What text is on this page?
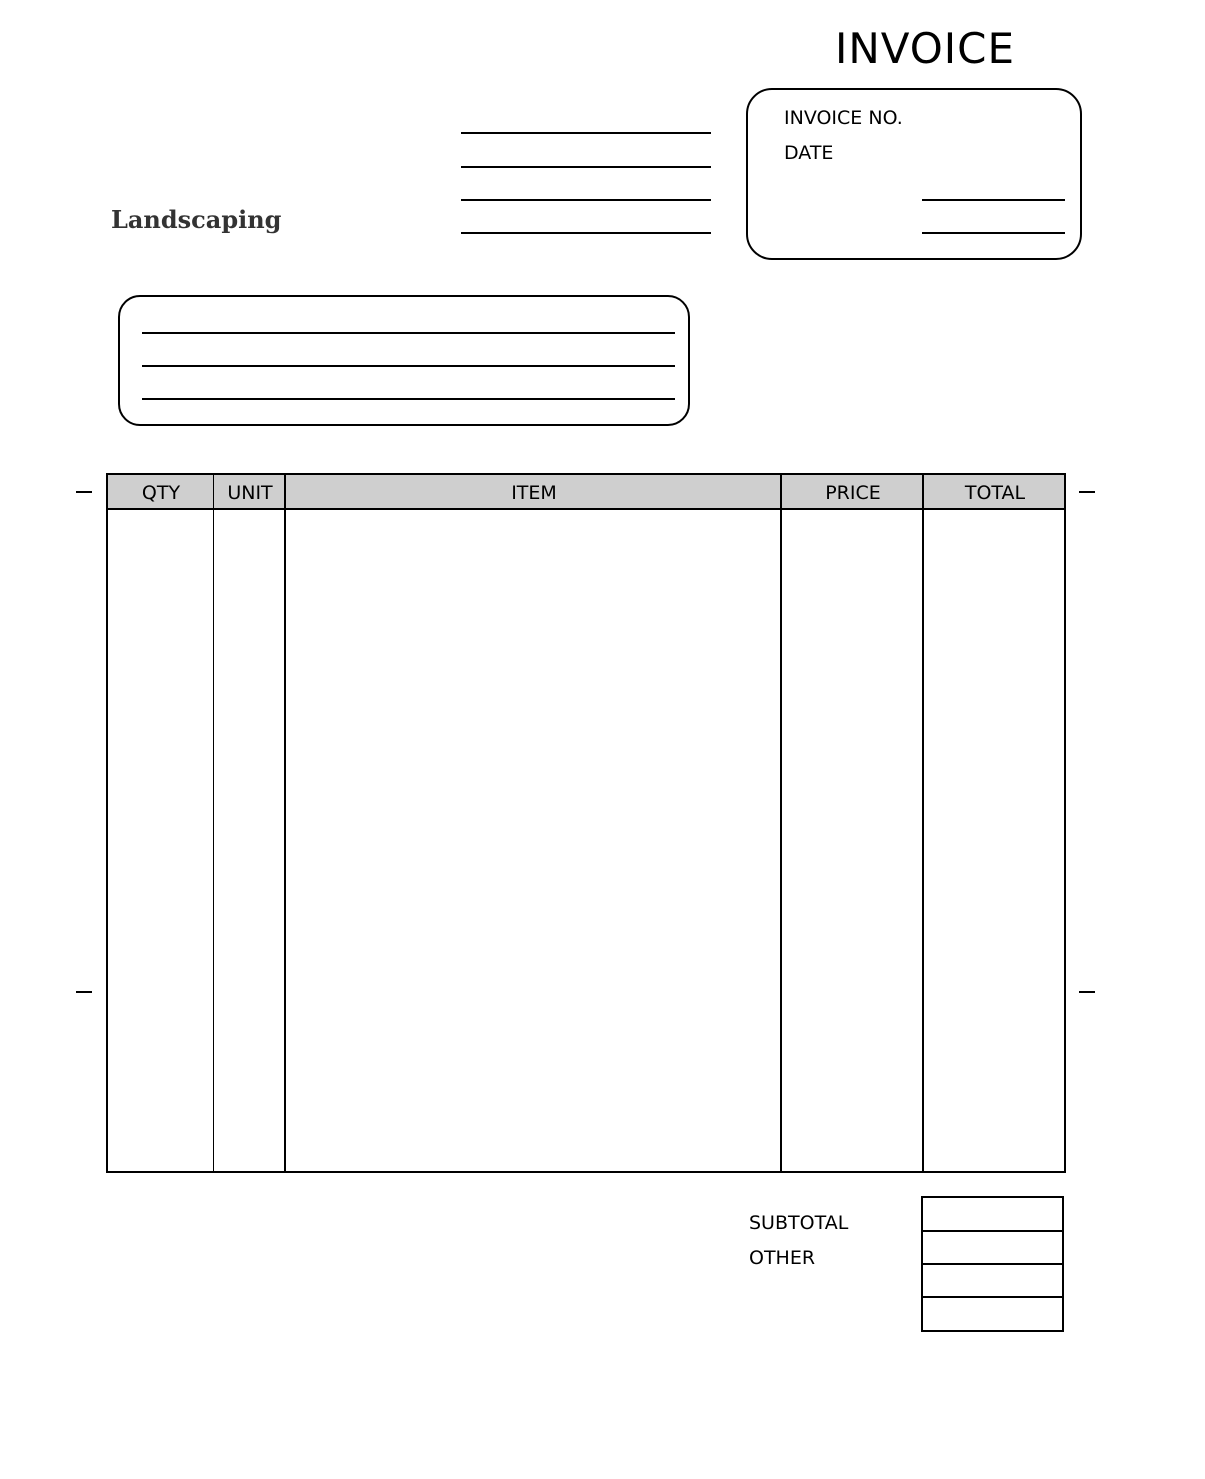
INVOICE
Landscaping
INVOICE NO.
DATE
QTY	UNIT	ITEM	PRICE	TOTAL
SUBTOTAL
OTHER
